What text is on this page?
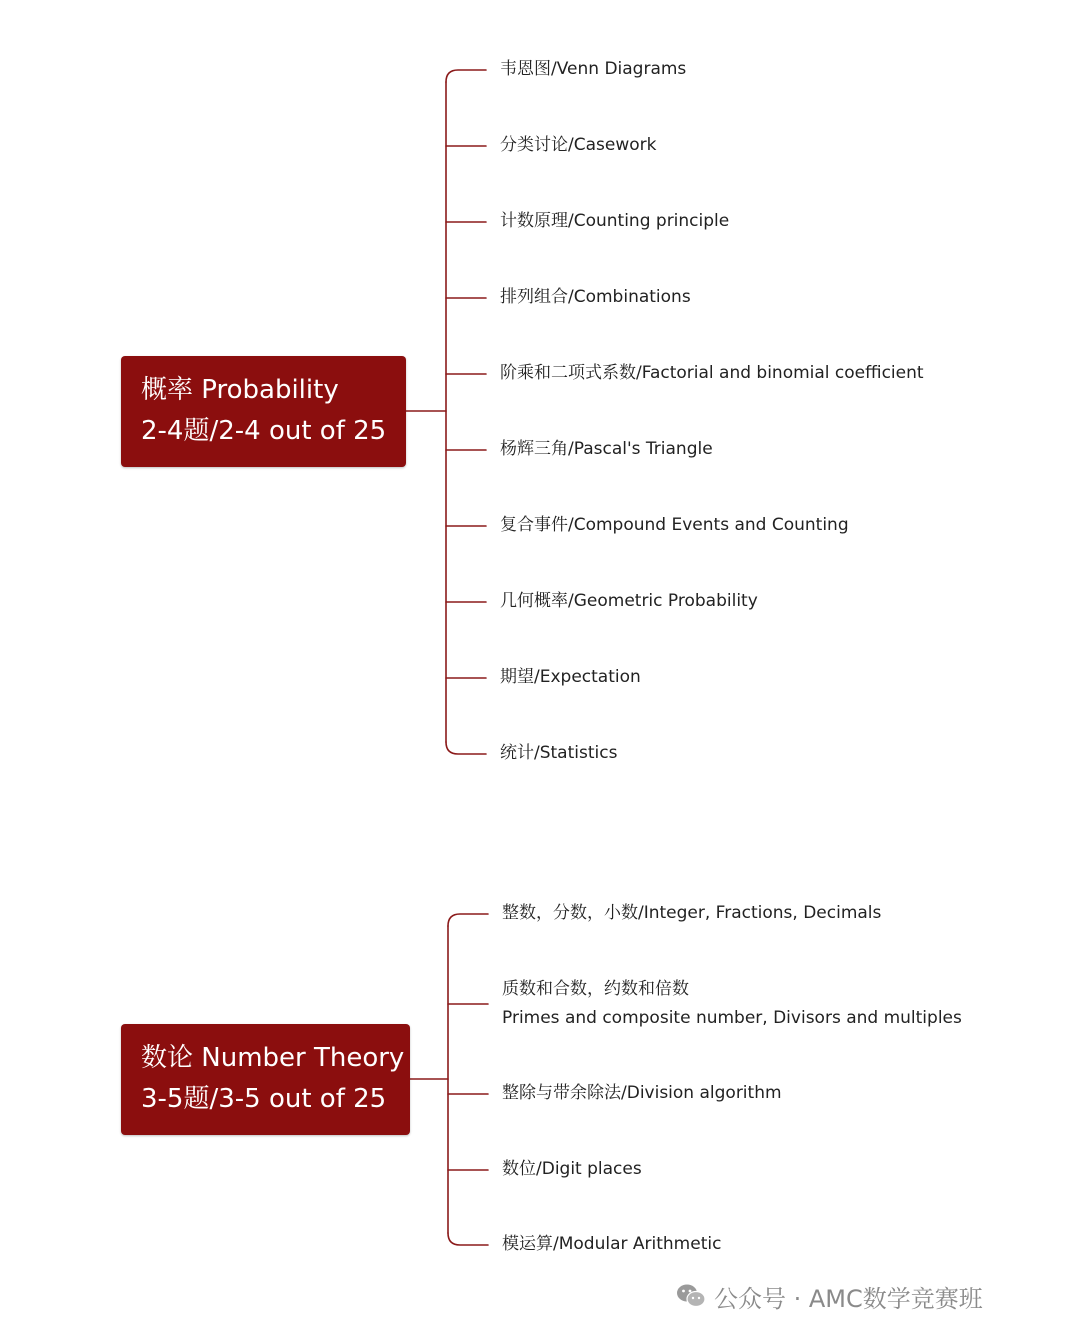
概率 Probability
2-4题/2-4 out of 25
韦恩图/Venn Diagrams
分类讨论/Casework
计数原理/Counting principle
排列组合/Combinations
阶乘和二项式系数/Factorial and binomial coefficient
杨辉三角/Pascal's Triangle
复合事件/Compound Events and Counting
几何概率/Geometric Probability
期望/Expectation
统计/Statistics
数论 Number Theory
3-5题/3-5 out of 25
整数，分数，小数/Integer, Fractions, Decimals
质数和合数，约数和倍数
Primes and composite number, Divisors and multiples
整除与带余除法/Division algorithm
数位/Digit places
模运算/Modular Arithmetic
公众号 · AMC数学竞赛班
